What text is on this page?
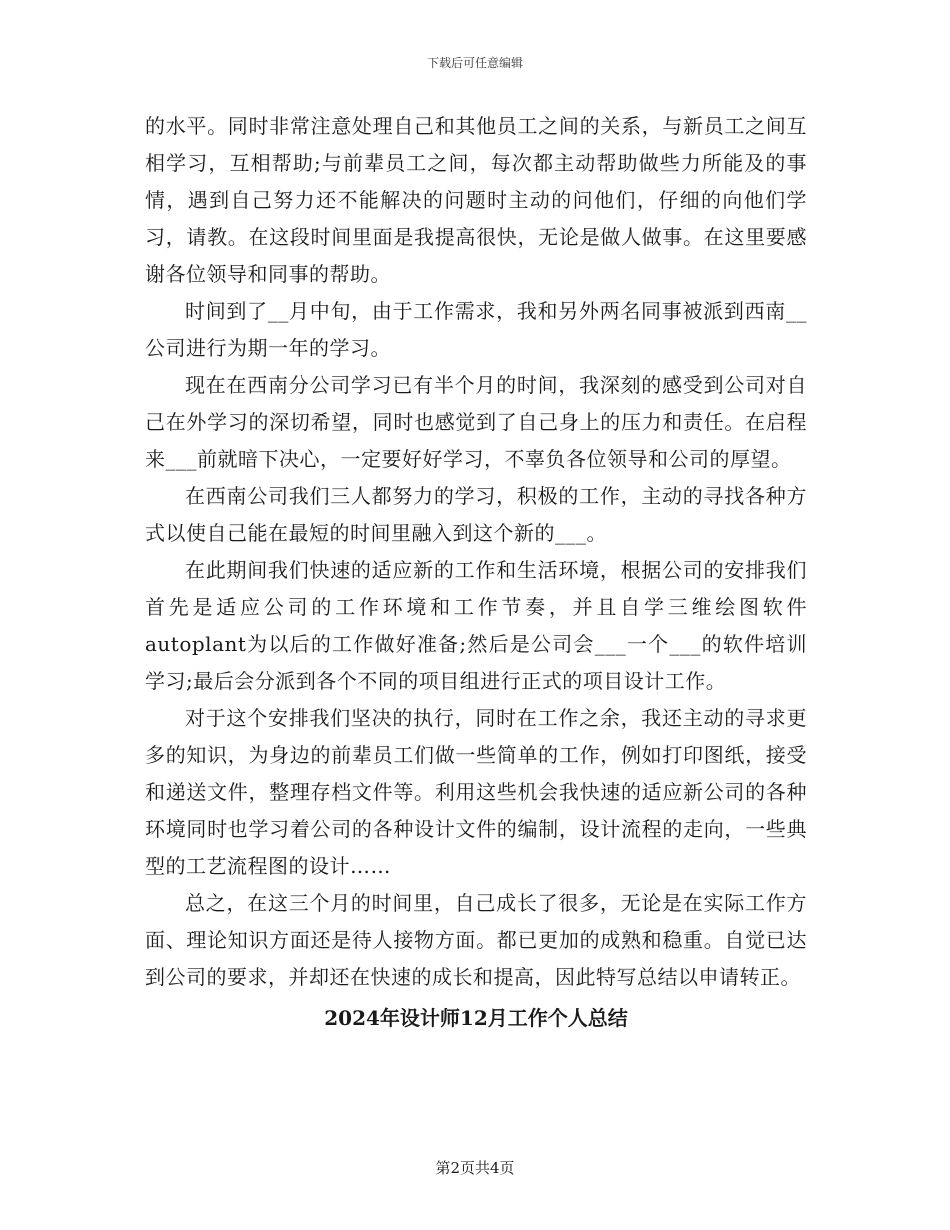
下载后可任意编辑

的水平。同时非常注意处理自己和其他员工之间的关系，与新员工之间互相学习，互相帮助;与前辈员工之间，每次都主动帮助做些力所能及的事情，遇到自己努力还不能解决的问题时主动的问他们，仔细的向他们学习，请教。在这段时间里面是我提高很快，无论是做人做事。在这里要感谢各位领导和同事的帮助。

时间到了__月中旬，由于工作需求，我和另外两名同事被派到西南__公司进行为期一年的学习。

现在在西南分公司学习已有半个月的时间，我深刻的感受到公司对自己在外学习的深切希望，同时也感觉到了自己身上的压力和责任。在启程来___前就暗下决心，一定要好好学习，不辜负各位领导和公司的厚望。

在西南公司我们三人都努力的学习，积极的工作，主动的寻找各种方式以使自己能在最短的时间里融入到这个新的___。

在此期间我们快速的适应新的工作和生活环境，根据公司的安排我们首先是适应公司的工作环境和工作节奏，并且自学三维绘图软件autoplant为以后的工作做好准备;然后是公司会___一个___的软件培训学习;最后会分派到各个不同的项目组进行正式的项目设计工作。

对于这个安排我们坚决的执行，同时在工作之余，我还主动的寻求更多的知识，为身边的前辈员工们做一些简单的工作，例如打印图纸，接受和递送文件，整理存档文件等。利用这些机会我快速的适应新公司的各种环境同时也学习着公司的各种设计文件的编制，设计流程的走向，一些典型的工艺流程图的设计……

总之，在这三个月的时间里，自己成长了很多，无论是在实际工作方面、理论知识方面还是待人接物方面。都已更加的成熟和稳重。自觉已达到公司的要求，并却还在快速的成长和提高，因此特写总结以申请转正。

2024年设计师12月工作个人总结
第2页共4页
